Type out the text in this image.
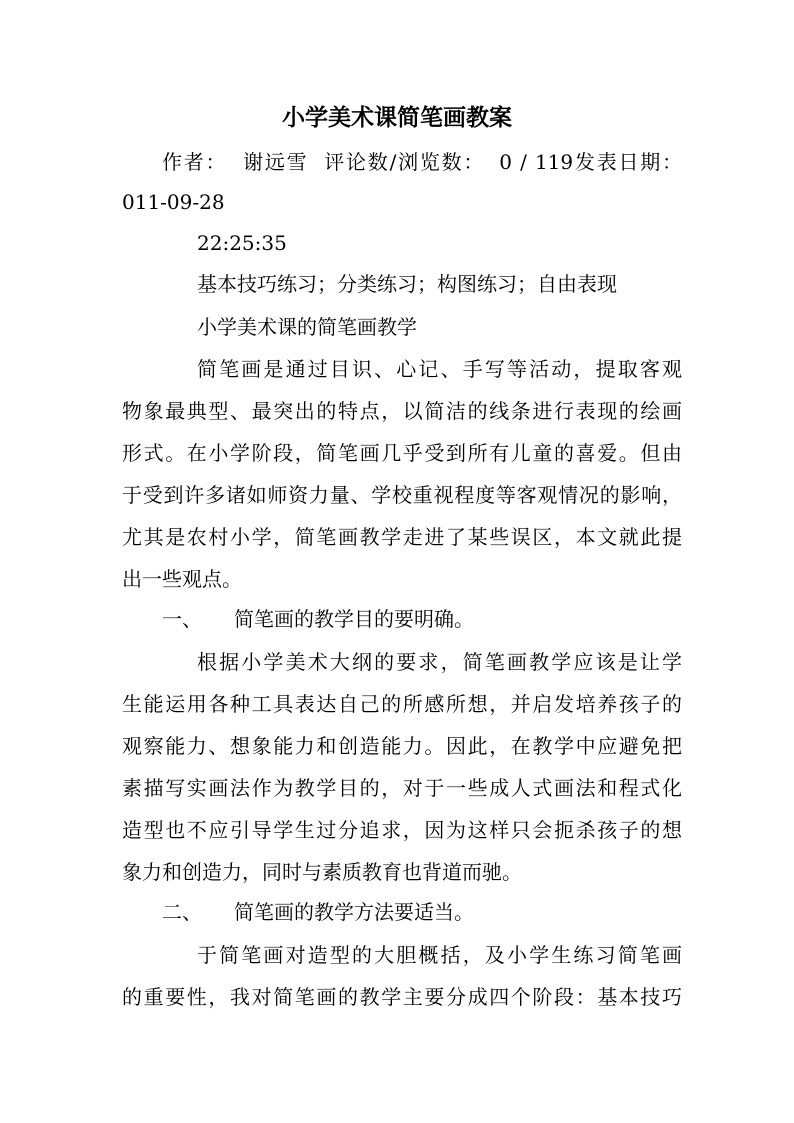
小学美术课简笔画教案
作者： 谢远雪 评论数/浏览数： 0 / 119发表日期：
011-09-28
22:25:35
基本技巧练习；分类练习；构图练习；自由表现
小学美术课的简笔画教学
简笔画是通过目识、心记、手写等活动，提取客观
物象最典型、最突出的特点，以简洁的线条进行表现的绘画
形式。在小学阶段，简笔画几乎受到所有儿童的喜爱。但由
于受到许多诸如师资力量、学校重视程度等客观情况的影响，
尤其是农村小学，简笔画教学走进了某些误区，本文就此提
出一些观点。
一、 简笔画的教学目的要明确。
根据小学美术大纲的要求，简笔画教学应该是让学
生能运用各种工具表达自己的所感所想，并启发培养孩子的
观察能力、想象能力和创造能力。因此，在教学中应避免把
素描写实画法作为教学目的，对于一些成人式画法和程式化
造型也不应引导学生过分追求，因为这样只会扼杀孩子的想
象力和创造力，同时与素质教育也背道而驰。
二、 简笔画的教学方法要适当。
于简笔画对造型的大胆概括，及小学生练习简笔画
的重要性，我对简笔画的教学主要分成四个阶段：基本技巧
